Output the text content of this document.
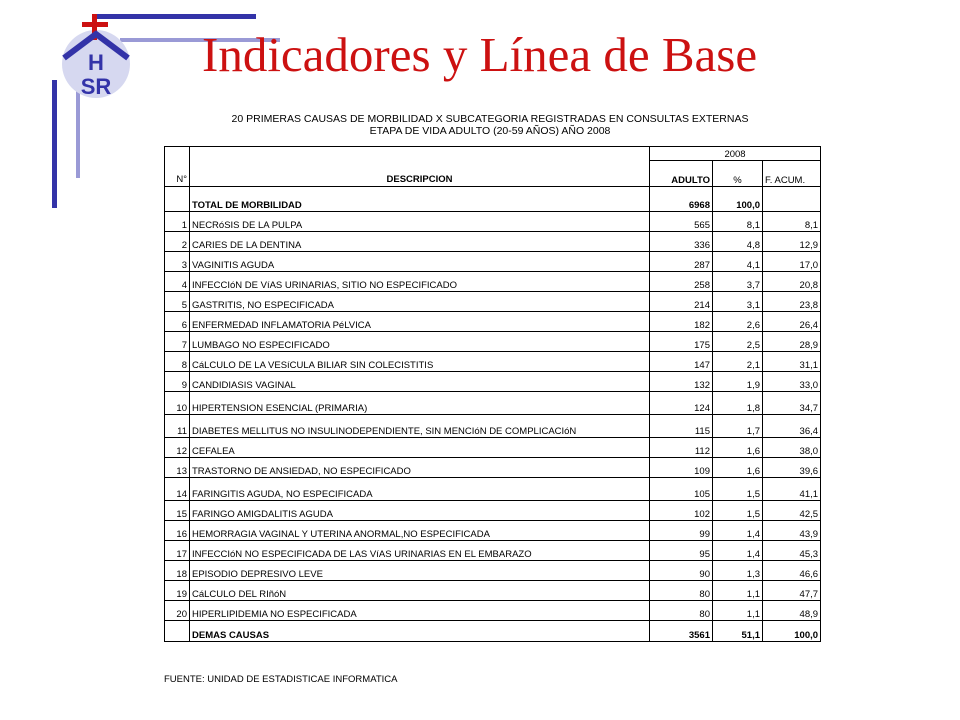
H
SR
Indicadores y Línea de Base
20 PRIMERAS CAUSAS DE MORBILIDAD X SUBCATEGORIA REGISTRADAS EN CONSULTAS EXTERNAS
ETAPA DE VIDA ADULTO (20-59 AÑOS) AÑO 2008
N°	DESCRIPCION	2008		
		ADULTO	%	F. ACUM.
	TOTAL DE MORBILIDAD	6968	100,0	
1	NECRóSIS DE LA PULPA	565	8,1	8,1
2	CARIES DE LA DENTINA	336	4,8	12,9
3	VAGINITIS AGUDA	287	4,1	17,0
4	INFECCIóN DE VíAS URINARIAS, SITIO NO ESPECIFICADO	258	3,7	20,8
5	GASTRITIS, NO ESPECIFICADA	214	3,1	23,8
6	ENFERMEDAD INFLAMATORIA PéLVICA	182	2,6	26,4
7	LUMBAGO NO ESPECIFICADO	175	2,5	28,9
8	CáLCULO DE LA VESíCULA BILIAR SIN COLECISTITIS	147	2,1	31,1
9	CANDIDIASIS VAGINAL	132	1,9	33,0
10	HIPERTENSION ESENCIAL (PRIMARIA)	124	1,8	34,7
11	DIABETES MELLITUS NO INSULINODEPENDIENTE, SIN MENCIóN DE COMPLICACIóN	115	1,7	36,4
12	CEFALEA	112	1,6	38,0
13	TRASTORNO DE ANSIEDAD, NO ESPECIFICADO	109	1,6	39,6
14	FARINGITIS AGUDA, NO ESPECIFICADA	105	1,5	41,1
15	FARINGO AMIGDALITIS AGUDA	102	1,5	42,5
16	HEMORRAGIA VAGINAL Y UTERINA ANORMAL,NO ESPECIFICADA	99	1,4	43,9
17	INFECCIóN NO ESPECIFICADA DE LAS VíAS URINARIAS EN EL EMBARAZO	95	1,4	45,3
18	EPISODIO DEPRESIVO LEVE	90	1,3	46,6
19	CáLCULO DEL RIñóN	80	1,1	47,7
20	HIPERLIPIDEMIA NO ESPECIFICADA	80	1,1	48,9
	DEMAS CAUSAS	3561	51,1	100,0
FUENTE: UNIDAD DE ESTADISTICAE INFORMATICA
